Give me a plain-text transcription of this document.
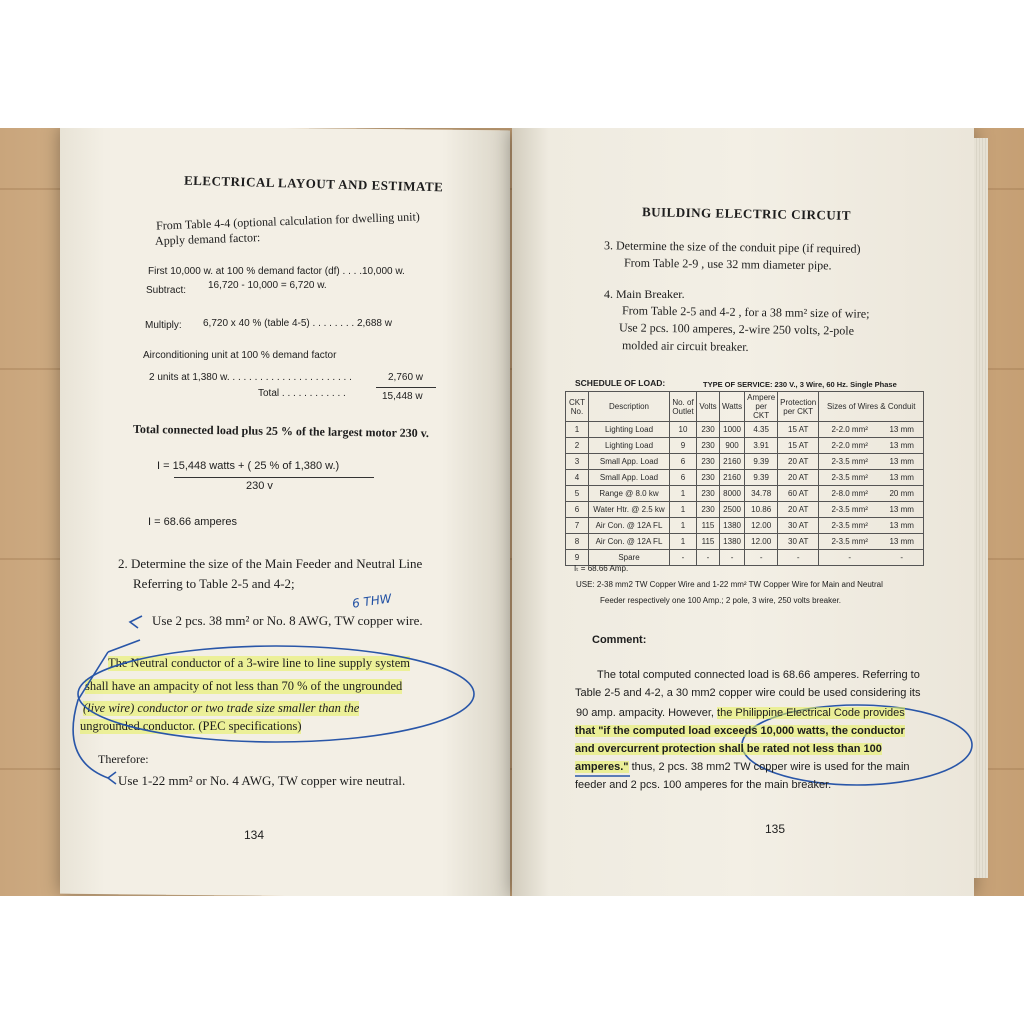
ELECTRICAL LAYOUT AND ESTIMATE
From Table 4-4 (optional calculation for dwelling unit)
Apply demand factor:
First 10,000 w. at 100 % demand factor (df) . . . .10,000 w.
Subtract: 16,720 - 10,000 = 6,720 w.
Multiply: 6,720 x 40 % (table 4-5) . . . . . . . . 2,688 w
Airconditioning unit at 100 % demand factor
2 units at 1,380 w. . . . . . . . . . . . . . . . . . . . . . .	2,760 w
Total . . . . . . . . . . . .	15,448 w
Total connected load plus 25 % of the largest motor 230 v.
I = 15,448 watts + ( 25 % of 1,380 w.)
230 v
I = 68.66 amperes
2. Determine the size of the Main Feeder and Neutral Line
Referring to Table 2-5 and 4-2;
6 THW
Use 2 pcs. 38 mm² or No. 8 AWG, TW copper wire.
The Neutral conductor of a 3-wire line to line supply system
shall have an ampacity of not less than 70 % of the ungrounded
(live wire) conductor or two trade size smaller than the
ungrounded conductor. (PEC specifications)
Therefore:
Use 1-22 mm² or No. 4 AWG, TW copper wire neutral.
134
BUILDING ELECTRIC CIRCUIT
3. Determine the size of the conduit pipe (if required)
From Table 2-9 , use 32 mm diameter pipe.
4. Main Breaker.
From Table 2-5 and 4-2 , for a 38 mm² size of wire;
Use 2 pcs. 100 amperes, 2-wire 250 volts, 2-pole
molded air circuit breaker.
SCHEDULE OF LOAD:	TYPE OF SERVICE: 230 V., 3 Wire, 60 Hz. Single Phase
CKT No.	Description	No. of Outlet	Volts	Watts	Ampere per CKT	Protection per CKT	Sizes of Wires & Conduit	
1	Lighting Load	10	230	1000	4.35	15 AT	2-2.0 mm²	13 mm
2	Lighting Load	9	230	900	3.91	15 AT	2-2.0 mm²	13 mm
3	Small App. Load	6	230	2160	9.39	20 AT	2-3.5 mm²	13 mm
4	Small App. Load	6	230	2160	9.39	20 AT	2-3.5 mm²	13 mm
5	Range @ 8.0 kw	1	230	8000	34.78	60 AT	2-8.0 mm²	20 mm
6	Water Htr. @ 2.5 kw	1	230	2500	10.86	20 AT	2-3.5 mm²	13 mm
7	Air Con. @ 12A FL	1	115	1380	12.00	30 AT	2-3.5 mm²	13 mm
8	Air Con. @ 12A FL	1	115	1380	12.00	30 AT	2-3.5 mm²	13 mm
9	Spare	-	-	-	-	-	-	-
Iₜ = 68.66 Amp.
USE: 2-38 mm2 TW Copper Wire and 1-22 mm² TW Copper Wire for Main and Neutral
Feeder respectively one 100 Amp.; 2 pole, 3 wire, 250 volts breaker.
Comment:
The total computed connected load is 68.66 amperes. Referring to
Table 2-5 and 4-2, a 30 mm2 copper wire could be used considering its
90 amp. ampacity. However, the Philippine Electrical Code provides
that "if the computed load exceeds 10,000 watts, the conductor
and overcurrent protection shall be rated not less than 100
amperes." thus, 2 pcs. 38 mm2 TW copper wire is used for the main
feeder and 2 pcs. 100 amperes for the main breaker.
135
